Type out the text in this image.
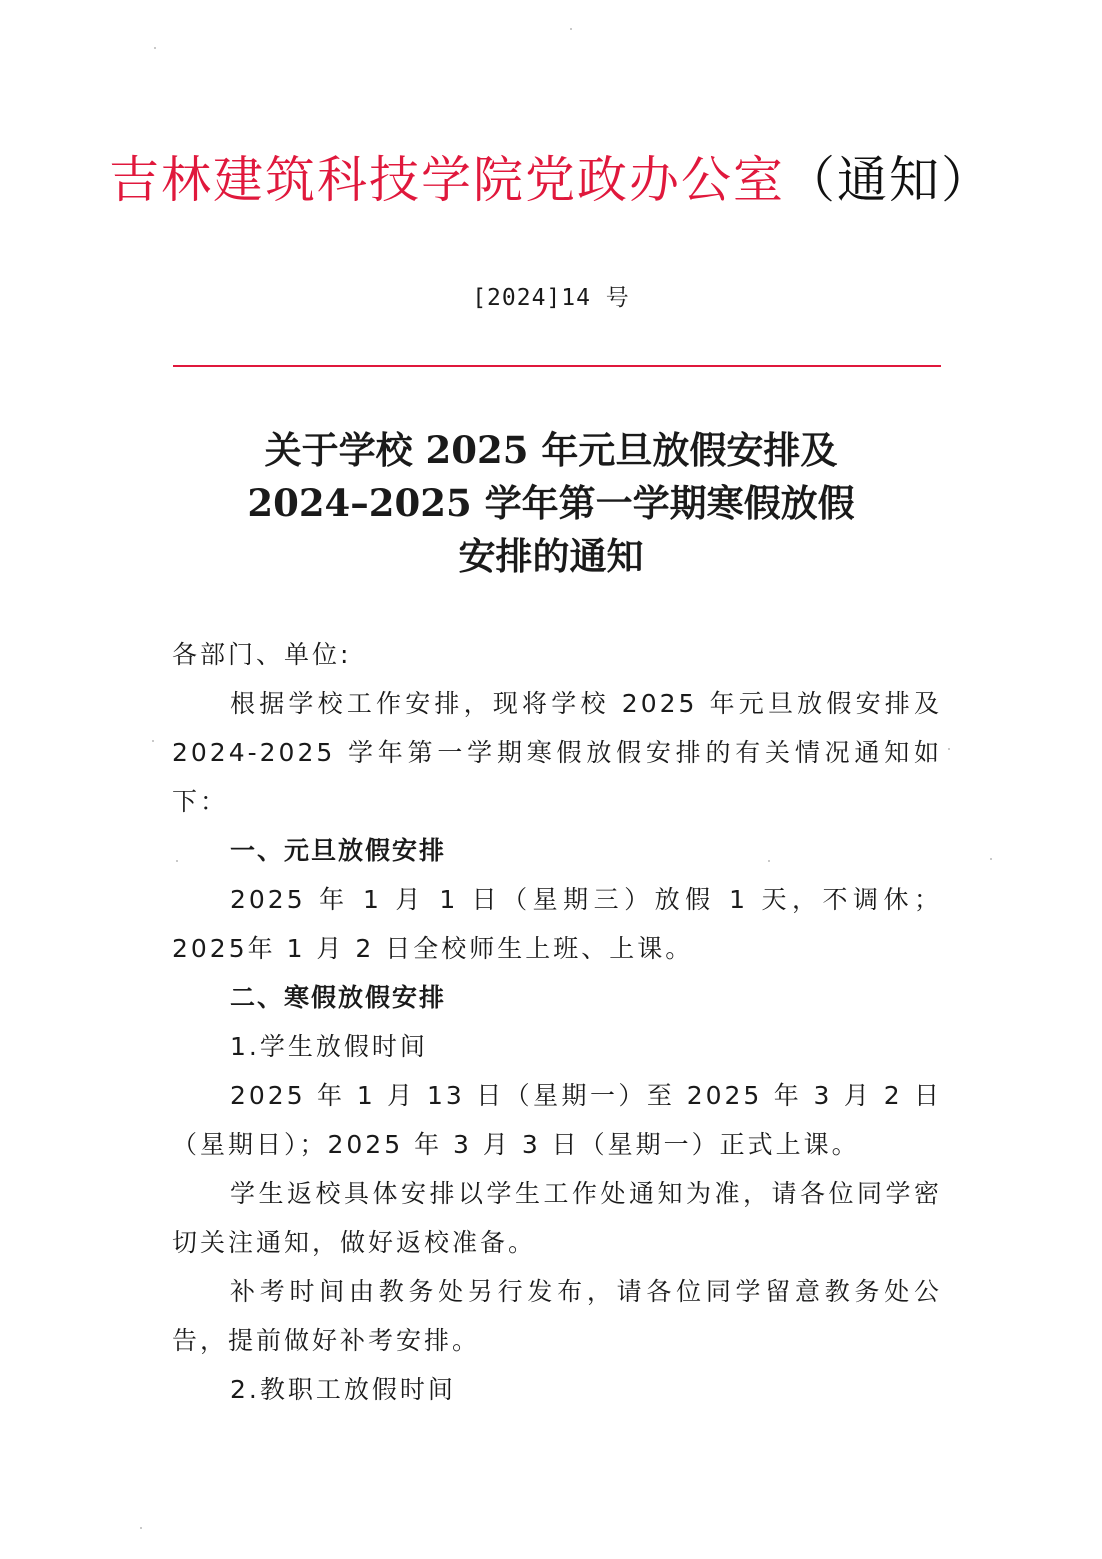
吉林建筑科技学院党政办公室（通知）
[2024]14 号
关于学校 2025 年元旦放假安排及
2024–2025 学年第一学期寒假放假
安排的通知

各部门、单位:

根据学校工作安排，现将学校 2025 年元旦放假安排及2024-2025 学年第一学期寒假放假安排的有关情况通知如下：

一、元旦放假安排

2025 年 1 月 1 日（星期三）放假 1 天，不调休；2025年 1 月 2 日全校师生上班、上课。

二、寒假放假安排

1.学生放假时间

2025 年 1 月 13 日（星期一）至 2025 年 3 月 2 日（星期日）；2025 年 3 月 3 日（星期一）正式上课。

学生返校具体安排以学生工作处通知为准，请各位同学密切关注通知，做好返校准备。

补考时间由教务处另行发布，请各位同学留意教务处公告，提前做好补考安排。

2.教职工放假时间
